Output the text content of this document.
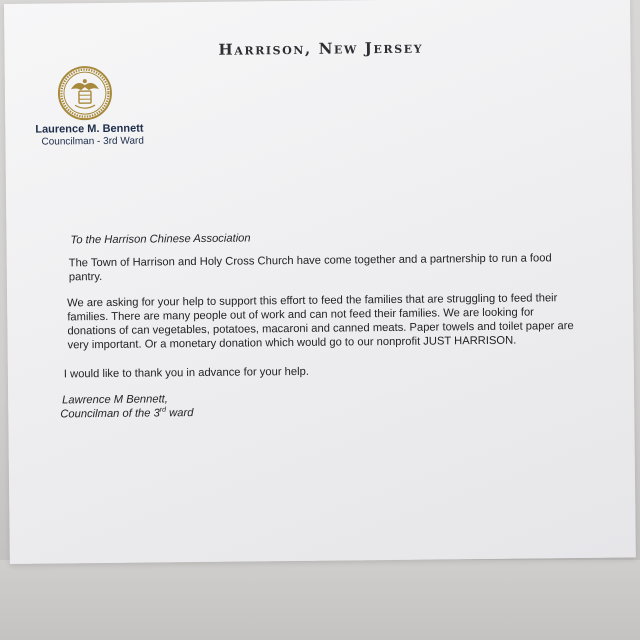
Harrison, New Jersey
Laurence M. Bennett
Councilman - 3rd Ward
To the Harrison Chinese Association
The Town of Harrison and Holy Cross Church have come together and a partnership to run a food
pantry.
We are asking for your help to support this effort to feed the families that are struggling to feed their
families. There are many people out of work and can not feed their families. We are looking for
donations of can vegetables, potatoes, macaroni and canned meats. Paper towels and toilet paper are
very important. Or a monetary donation which would go to our nonprofit JUST HARRISON.
I would like to thank you in advance for your help.
Lawrence M Bennett,
Councilman of the 3rd ward
